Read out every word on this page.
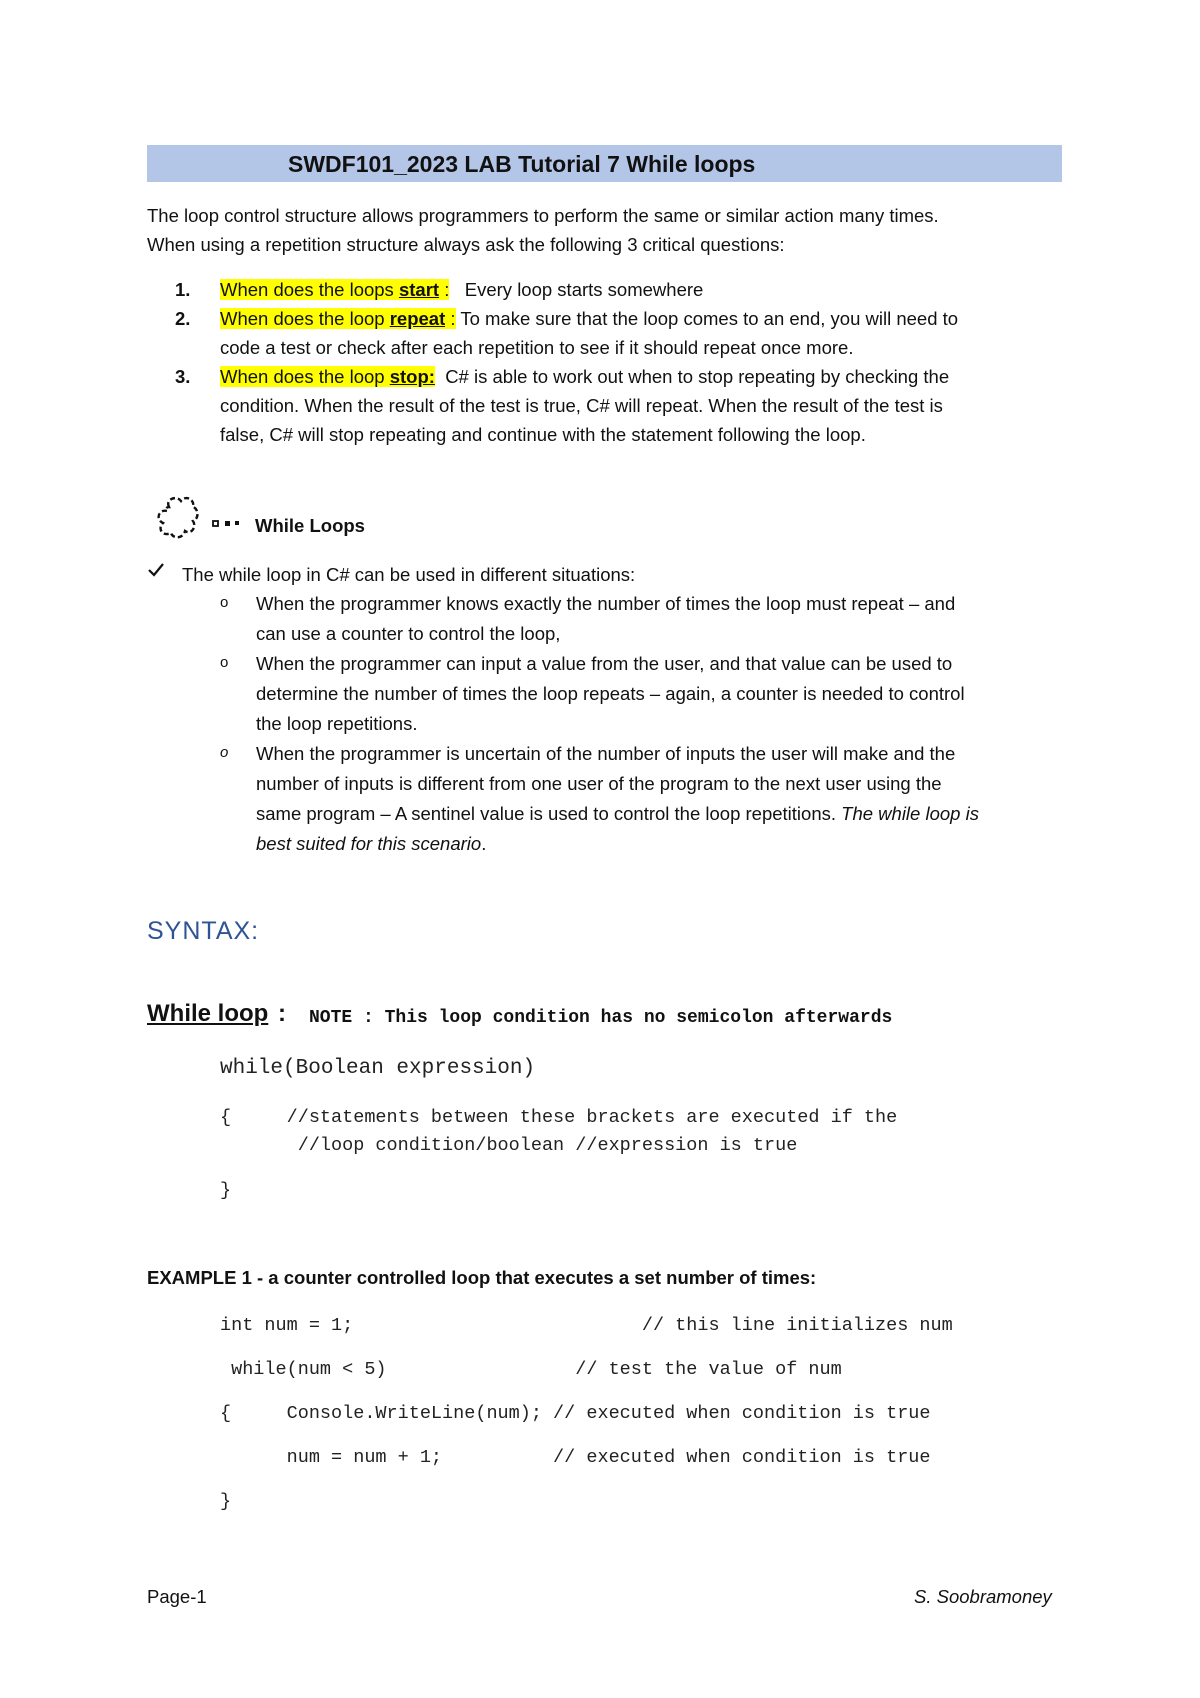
SWDF101_2023 LAB Tutorial 7 While loops
The loop control structure allows programmers to perform the same or similar action many times.
When using a repetition structure always ask the following 3 critical questions:
1. When does the loops start :   Every loop starts somewhere
2. When does the loop repeat : To make sure that the loop comes to an end, you will need to
code a test or check after each repetition to see if it should repeat once more.
3. When does the loop stop:  C# is able to work out when to stop repeating by checking the
condition. When the result of the test is true, C# will repeat. When the result of the test is
false, C# will stop repeating and continue with the statement following the loop.
While Loops
The while loop in C# can be used in different situations:
o When the programmer knows exactly the number of times the loop must repeat – and
can use a counter to control the loop,
o When the programmer can input a value from the user, and that value can be used to
determine the number of times the loop repeats – again, a counter is needed to control
the loop repetitions.
o When the programmer is uncertain of the number of inputs the user will make and the
number of inputs is different from one user of the program to the next user using the
same program – A sentinel value is used to control the loop repetitions. The while loop is
best suited for this scenario.
SYNTAX:
While loop : NOTE : This loop condition has no semicolon afterwards
while(Boolean expression)
{     //statements between these brackets are executed if the
//loop condition/boolean //expression is true
}
EXAMPLE 1 - a counter controlled loop that executes a set number of times:
int num = 1;                          // this line initializes num
while(num < 5)                 // test the value of num
{     Console.WriteLine(num); // executed when condition is true
num = num + 1;          // executed when condition is true
}
Page-1	S. Soobramoney
